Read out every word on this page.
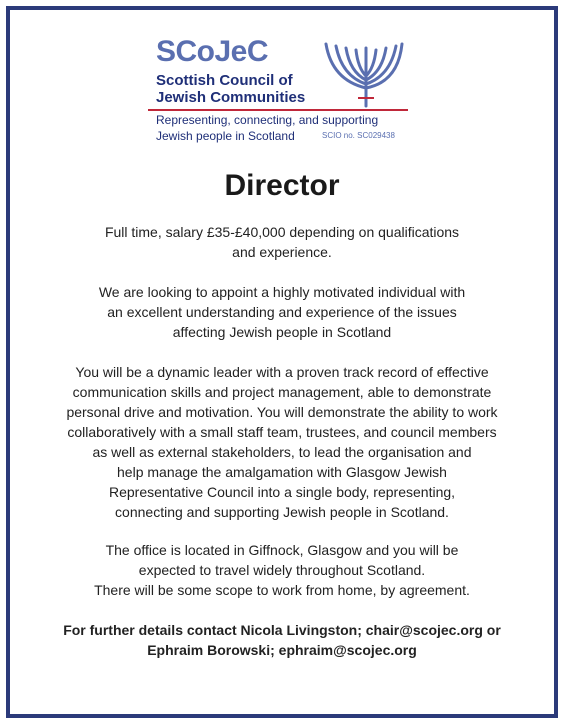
SCoJeC
Scottish Council of
Jewish Communities
Representing, connecting, and supporting
Jewish people in Scotland	SCIO no. SC029438
Director
Full time, salary £35-£40,000 depending on qualifications
and experience.
We are looking to appoint a highly motivated individual with
an excellent understanding and experience of the issues
affecting Jewish people in Scotland
You will be a dynamic leader with a proven track record of effective
communication skills and project management, able to demonstrate
personal drive and motivation. You will demonstrate the ability to work
collaboratively with a small staff team, trustees, and council members
as well as external stakeholders, to lead the organisation and
help manage the amalgamation with Glasgow Jewish
Representative Council into a single body, representing,
connecting and supporting Jewish people in Scotland.
The office is located in Giffnock, Glasgow and you will be
expected to travel widely throughout Scotland.
There will be some scope to work from home, by agreement.
For further details contact Nicola Livingston; chair@scojec.org or
Ephraim Borowski; ephraim@scojec.org
